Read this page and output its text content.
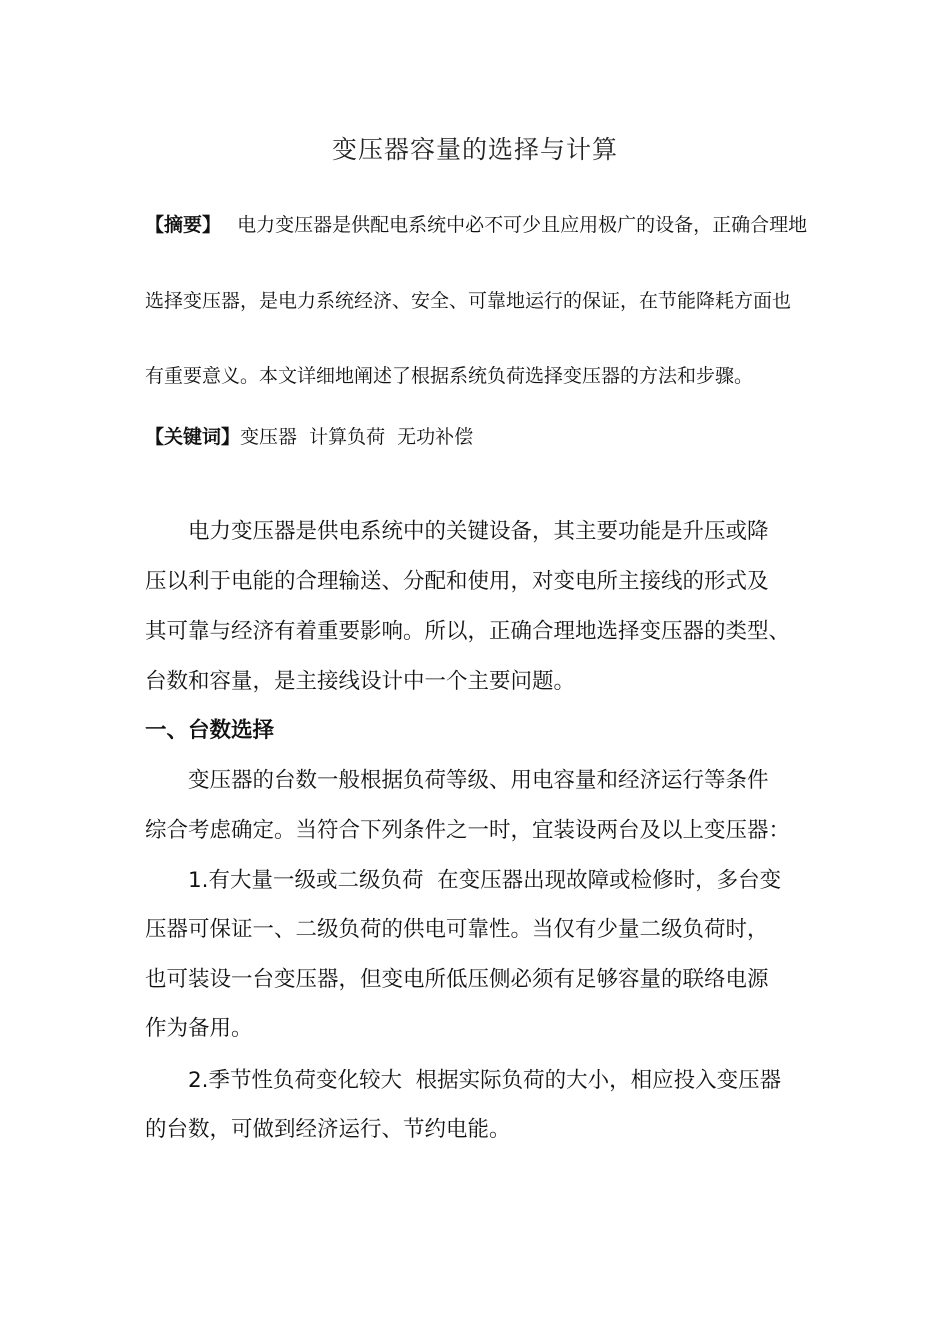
变压器容量的选择与计算

【摘要】 电力变压器是供配电系统中必不可少且应用极广的设备，正确合理地

选择变压器，是电力系统经济、安全、可靠地运行的保证，在节能降耗方面也

有重要意义。本文详细地阐述了根据系统负荷选择变压器的方法和步骤。

【关键词】变压器  计算负荷  无功补偿

电力变压器是供电系统中的关键设备，其主要功能是升压或降

压以利于电能的合理输送、分配和使用，对变电所主接线的形式及

其可靠与经济有着重要影响。所以，正确合理地选择变压器的类型、

台数和容量，是主接线设计中一个主要问题。

一、台数选择

变压器的台数一般根据负荷等级、用电容量和经济运行等条件

综合考虑确定。当符合下列条件之一时，宜装设两台及以上变压器：

1.有大量一级或二级负荷  在变压器出现故障或检修时，多台变

压器可保证一、二级负荷的供电可靠性。当仅有少量二级负荷时，

也可装设一台变压器，但变电所低压侧必须有足够容量的联络电源

作为备用。

2.季节性负荷变化较大  根据实际负荷的大小，相应投入变压器

的台数，可做到经济运行、节约电能。
